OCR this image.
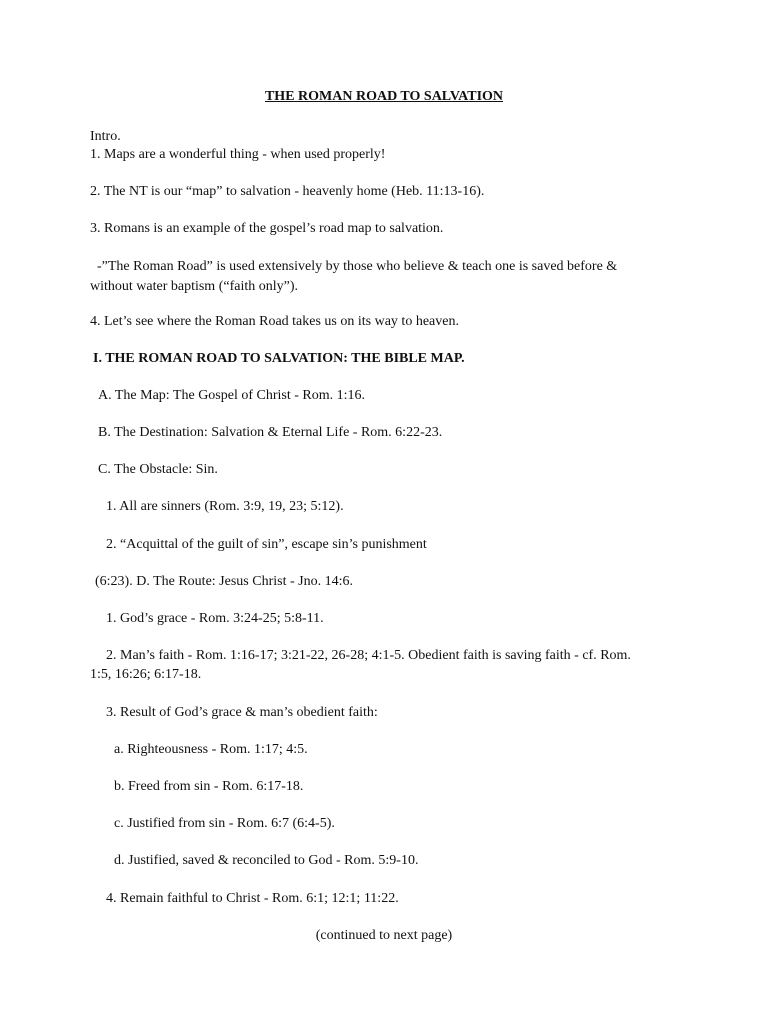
THE ROMAN ROAD TO SALVATION
Intro.
1. Maps are a wonderful thing - when used properly!
2. The NT is our “map” to salvation - heavenly home (Heb. 11:13-16).
3. Romans is an example of the gospel’s road map to salvation.
-”The Roman Road” is used extensively by those who believe & teach one is saved before &
without water baptism (“faith only”).
4. Let’s see where the Roman Road takes us on its way to heaven.
I. THE ROMAN ROAD TO SALVATION: THE BIBLE MAP.
A. The Map: The Gospel of Christ - Rom. 1:16.
B. The Destination: Salvation & Eternal Life - Rom. 6:22-23.
C. The Obstacle: Sin.
1. All are sinners (Rom. 3:9, 19, 23; 5:12).
2. “Acquittal of the guilt of sin”, escape sin’s punishment
(6:23). D. The Route: Jesus Christ - Jno. 14:6.
1. God’s grace - Rom. 3:24-25; 5:8-11.
2. Man’s faith - Rom. 1:16-17; 3:21-22, 26-28; 4:1-5. Obedient faith is saving faith - cf. Rom.
1:5, 16:26; 6:17-18.
3. Result of God’s grace & man’s obedient faith:
a. Righteousness - Rom. 1:17; 4:5.
b. Freed from sin - Rom. 6:17-18.
c. Justified from sin - Rom. 6:7 (6:4-5).
d. Justified, saved & reconciled to God - Rom. 5:9-10.
4. Remain faithful to Christ - Rom. 6:1; 12:1; 11:22.
(continued to next page)
